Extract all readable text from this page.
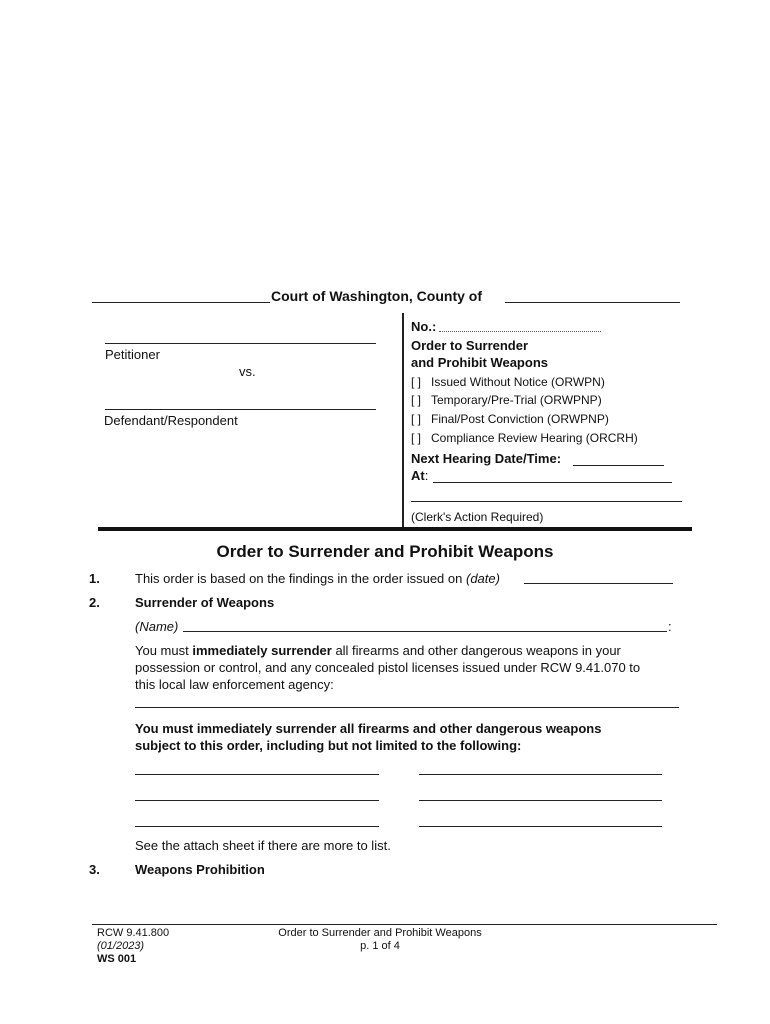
Court of Washington, County of
Petitioner
vs.
Defendant/Respondent
No.:
Order to Surrender
and Prohibit Weapons
[ ] Issued Without Notice (ORWPN)
[ ] Temporary/Pre-Trial (ORWPNP)
[ ] Final/Post Conviction (ORWPNP)
[ ] Compliance Review Hearing (ORCRH)
Next Hearing Date/Time:
At:
(Clerk's Action Required)
Order to Surrender and Prohibit Weapons
1.	This order is based on the findings in the order issued on (date)
2.	Surrender of Weapons
(Name)	:
You must immediately surrender all firearms and other dangerous weapons in your
possession or control, and any concealed pistol licenses issued under RCW 9.41.070 to
this local law enforcement agency:
You must immediately surrender all firearms and other dangerous weapons
subject to this order, including but not limited to the following:
See the attach sheet if there are more to list.
3.	Weapons Prohibition
RCW 9.41.800
(01/2023)
WS 001
Order to Surrender and Prohibit Weapons
p. 1 of 4
